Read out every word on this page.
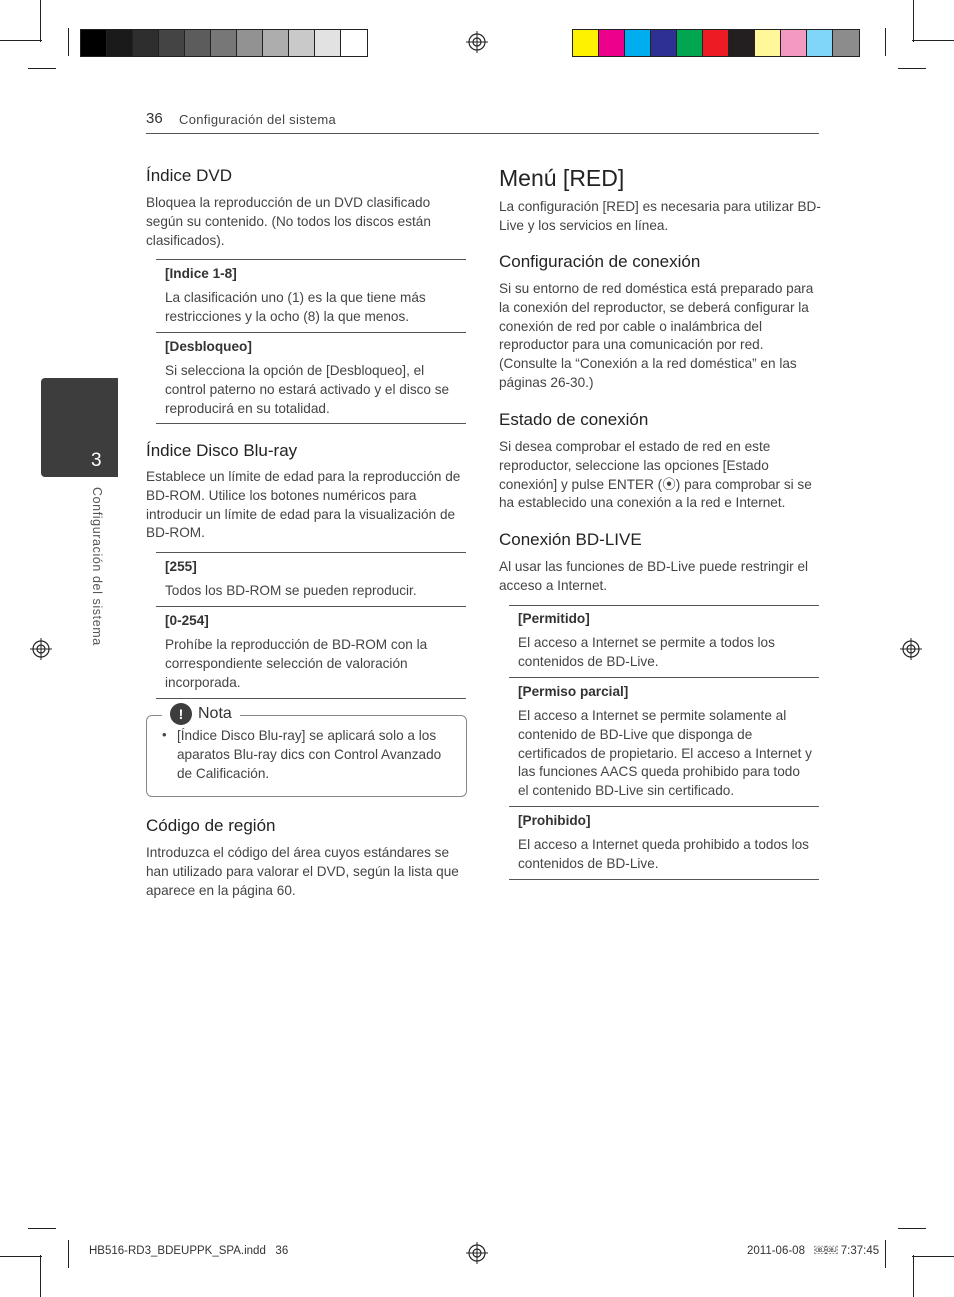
36 Configuración del sistema
3
Configuración del sistema
Índice DVD

Bloquea la reproducción de un DVD clasificado según su contenido. (No todos los discos están clasificados).

[Indice 1-8]

La clasificación uno (1) es la que tiene más restricciones y la ocho (8) la que menos.

[Desbloqueo]

Si selecciona la opción de [Desbloqueo], el control paterno no estará activado y el disco se reproducirá en su totalidad.

Índice Disco Blu-ray

Establece un límite de edad para la reproducción de BD-ROM. Utilice los botones numéricos para introducir un límite de edad para la visualización de BD-ROM.

[255]

Todos los BD-ROM se pueden reproducir.

[0-254]

Prohíbe la reproducción de BD-ROM con la correspondiente selección de valoración incorporada.

! Nota
• [Índice Disco Blu-ray] se aplicará solo a los aparatos Blu-ray dics con Control Avanzado de Calificación.

Código de región

Introduzca el código del área cuyos estándares se han utilizado para valorar el DVD, según la lista que aparece en la página 60.

Menú [RED]

La configuración [RED] es necesaria para utilizar BD-Live y los servicios en línea.

Configuración de conexión

Si su entorno de red doméstica está preparado para la conexión del reproductor, se deberá configurar la conexión de red por cable o inalámbrica del reproductor para una comunicación por red. (Consulte la “Conexión a la red doméstica” en las páginas 26-30.)

Estado de conexión

Si desea comprobar el estado de red en este reproductor, seleccione las opciones [Estado conexión] y pulse ENTER (⦿) para comprobar si se ha establecido una conexión a la red e Internet.

Conexión BD-LIVE

Al usar las funciones de BD-Live puede restringir el acceso a Internet.

[Permitido]

El acceso a Internet se permite a todos los contenidos de BD-Live.

[Permiso parcial]

El acceso a Internet se permite solamente al contenido de BD-Live que disponga de certificados de propietario. El acceso a Internet y las funciones AACS queda prohibido para todo el contenido BD-Live sin certificado.

[Prohibido]

El acceso a Internet queda prohibido a todos los contenidos de BD-Live.

HB516-RD3_BDEUPPK_SPA.indd   36	2011-06-08   ￼￼ 7:37:45
